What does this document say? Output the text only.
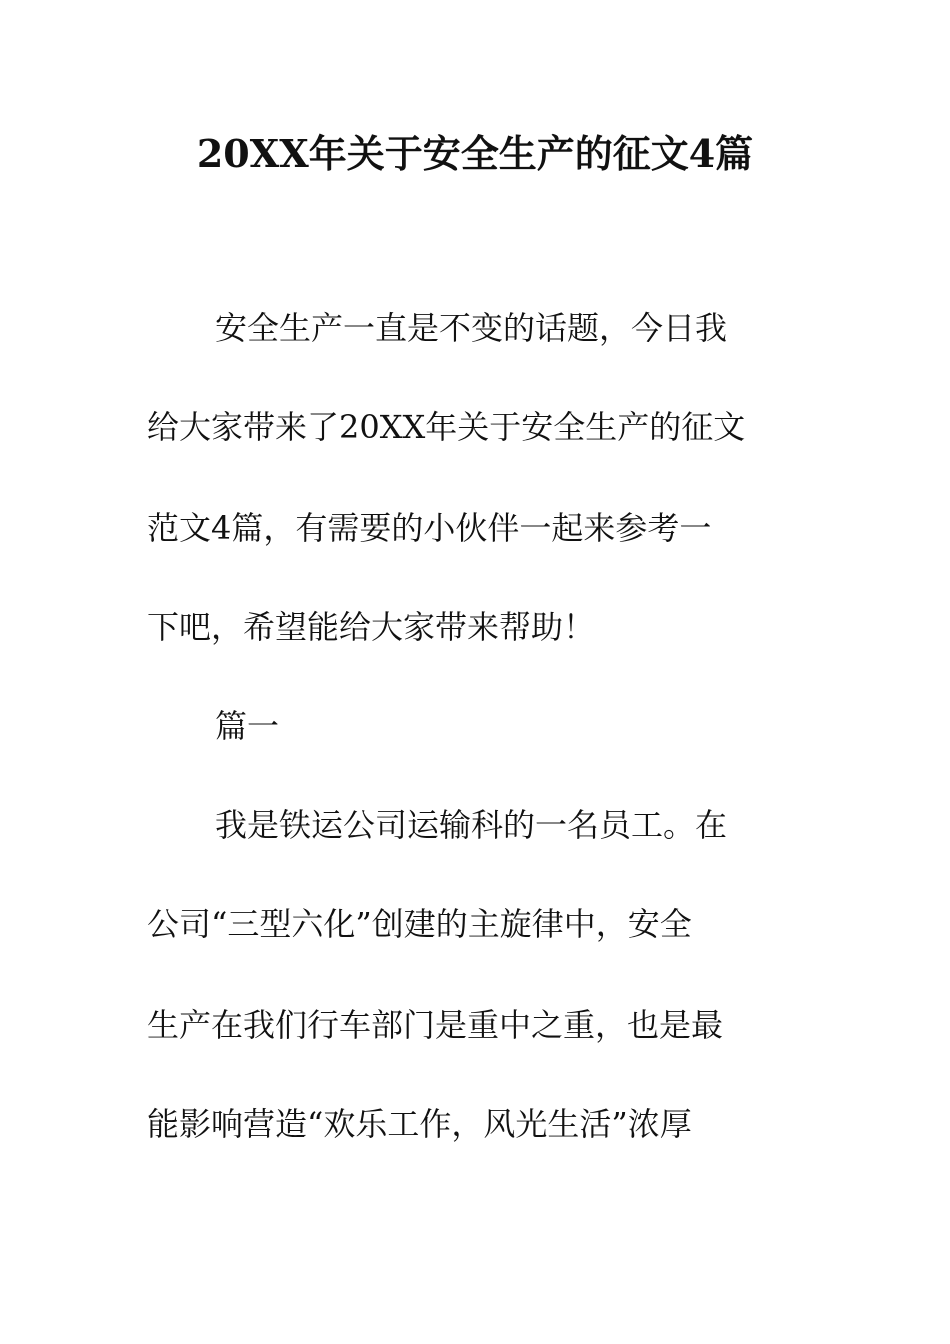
20XX年关于安全生产的征文4篇
安全生产一直是不变的话题，今日我
给大家带来了20XX年关于安全生产的征文
范文4篇，有需要的小伙伴一起来参考一
下吧，希望能给大家带来帮助！
篇一
我是铁运公司运输科的一名员工。在
公司“三型六化”创建的主旋律中，安全
生产在我们行车部门是重中之重，也是最
能影响营造“欢乐工作，风光生活”浓厚
